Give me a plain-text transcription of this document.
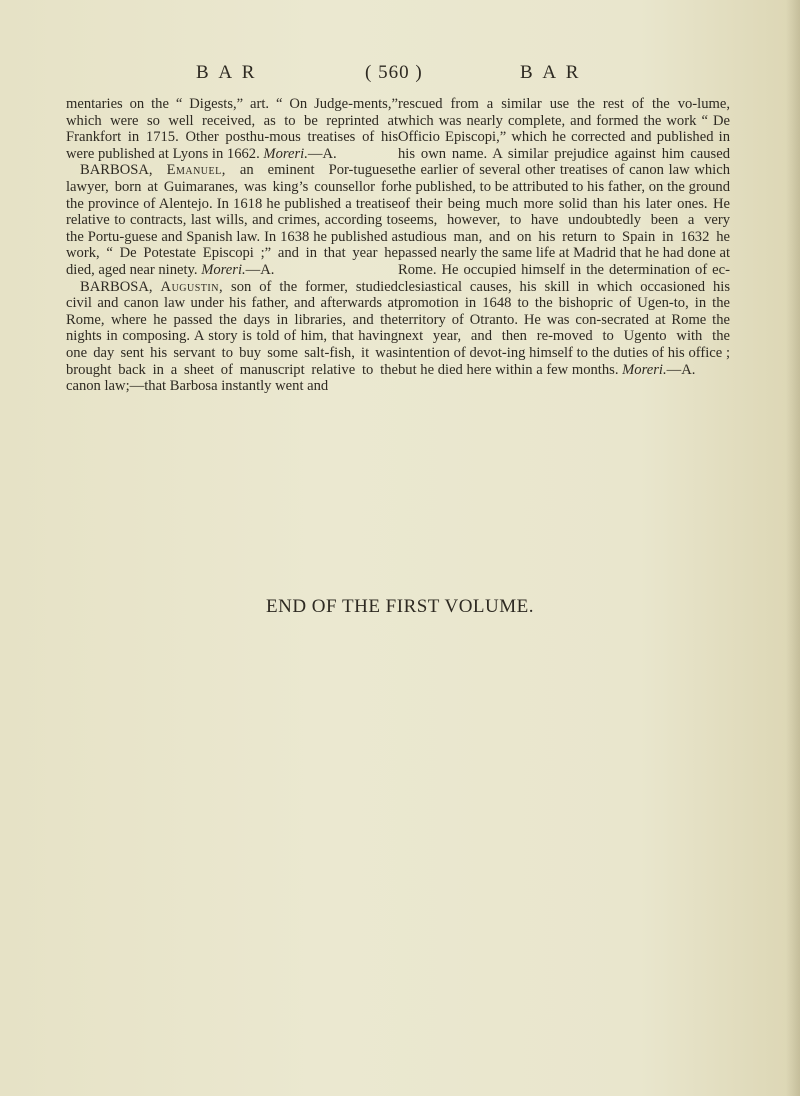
B A R	( 560 )	B A R

mentaries on the “ Digests,” art. “ On Judge-ments,” which were so well received, as to be reprinted at Frankfort in 1715. Other posthu-mous treatises of his were published at Lyons in 1662. Moreri.—A.

BARBOSA, Emanuel, an eminent Por-tuguese lawyer, born at Guimaranes, was king’s counsellor for the province of Alentejo. In 1618 he published a treatise relative to contracts, last wills, and crimes, according to the Portu-guese and Spanish law. In 1638 he published a work, “ De Potestate Episcopi ;” and in that year he died, aged near ninety. Moreri.—A.

BARBOSA, Augustin, son of the former, studied civil and canon law under his father, and afterwards at Rome, where he passed the days in libraries, and the nights in composing. A story is told of him, that having one day sent his servant to buy some salt-fish, it was brought back in a sheet of manuscript relative to the canon law;—that Barbosa instantly went and

rescued from a similar use the rest of the vo-lume, which was nearly complete, and formed the work “ De Officio Episcopi,” which he corrected and published in his own name. A similar prejudice against him caused the earlier of several other treatises of canon law which he published, to be attributed to his father, on the ground of their being much more solid than his later ones. He seems, however, to have undoubtedly been a very studious man, and on his return to Spain in 1632 he passed nearly the same life at Madrid that he had done at Rome. He occupied himself in the determination of ec-clesiastical causes, his skill in which occasioned his promotion in 1648 to the bishopric of Ugen-to, in the territory of Otranto. He was con-secrated at Rome the next year, and then re-moved to Ugento with the intention of devot-ing himself to the duties of his office ; but he died here within a few months. Moreri.—A.

END OF THE FIRST VOLUME.
